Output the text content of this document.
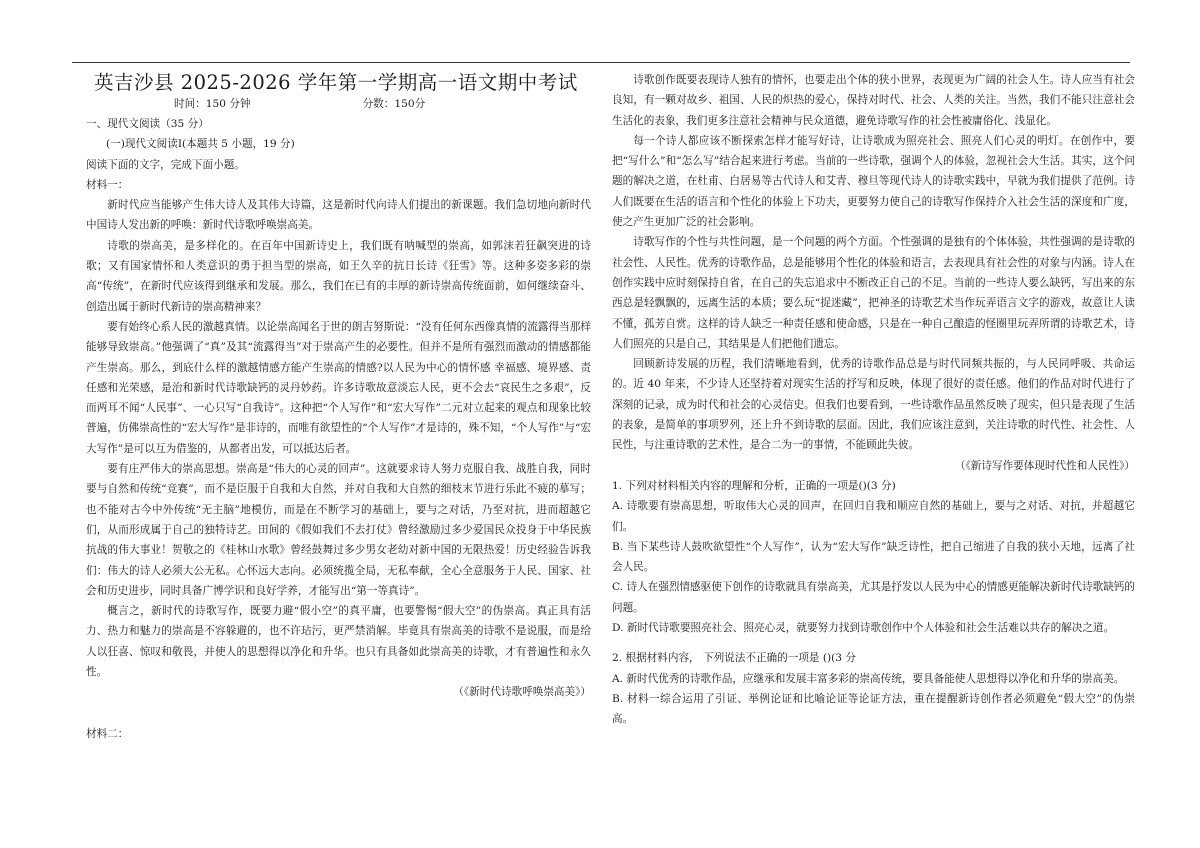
英吉沙县 2025-2026 学年第一学期高一语文期中考试
时间：150 分钟	分数：150分
一、现代文阅读（35 分）
(一)现代文阅读Ⅰ(本题共 5 小题，19 分)
阅读下面的文字，完成下面小题。
材料一：

新时代应当能够产生伟大诗人及其伟大诗篇，这是新时代向诗人们提出的新课题。我们急切地向新时代中国诗人发出新的呼唤：新时代诗歌呼唤崇高美。

诗歌的崇高美，是多样化的。在百年中国新诗史上，我们既有呐喊型的崇高，如郭沫若狂飙突进的诗歌；又有国家情怀和人类意识的勇于担当型的崇高，如王久辛的抗日长诗《狂雪》等。这种多姿多彩的崇高“传统”，在新时代应该得到继承和发展。那么，我们在已有的丰厚的新诗崇高传统面前，如何继续奋斗、创造出属于新时代新诗的崇高精神来？

要有始终心系人民的激越真情。以论崇高闻名于世的朗吉努斯说：“没有任何东西像真情的流露得当那样能够导致崇高。”他强调了“真”及其“流露得当”对于崇高产生的必要性。但并不是所有强烈而激动的情感都能产生崇高。那么，到底什么样的激越情感方能产生崇高的情感?以人民为中心的情怀感 幸福感、境界感、责任感和光荣感，是治和新时代诗歌缺钙的灵丹妙药。许多诗歌故意淡忘人民，更不会去“哀民生之多艰”，反而两耳不闻“人民事”、一心只写“自我诗”。这种把“个人写作”和“宏大写作”二元对立起来的观点和现象比较普遍，仿佛崇高性的“宏大写作”是非诗的，而唯有欲望性的“个人写作”才是诗的，殊不知，“个人写作”与“宏大写作”是可以互为借鉴的，从都者出发，可以抵达后者。

要有庄严伟大的崇高思想。崇高是“伟大的心灵的回声”。这就要求诗人努力克服自我、战胜自我，同时要与自然和传统“竞赛”，而不是臣服于自我和大自然，并对自我和大自然的细枝末节进行乐此不疲的摹写；也不能对古今中外传统“无主脑”地模仿，而是在不断学习的基础上，要与之对话，乃至对抗，进而超越它们，从而形成属于自己的独特诗艺。田间的《假如我们不去打仗》曾经激励过多少爱国民众投身于中华民族抗战的伟大事业！贺敬之的《桂林山水歌》曾经鼓舞过多少男女老幼对新中国的无限热爱！历史经验告诉我们：伟大的诗人必须大公无私。心怀远大志向。必须统揽全局，无私奉献，全心全意服务于人民、国家、社会和历史进步，同时具备广博学识和良好学养，才能写出“第一等真诗”。

概言之，新时代的诗歌写作，既要力避“假小空”的真平庸，也要警惕“假大空”的伪崇高。真正具有活力、热力和魅力的崇高是不容躲避的，也不许玷污，更严禁消解。毕竟具有崇高美的诗歌不是说服，而是给人以狂喜、惊叹和敬畏，并使人的思想得以净化和升华。也只有具备如此崇高美的诗歌，才有普遍性和永久性。

（《新时代诗歌呼唤崇高美》）

材料二：

诗歌创作既要表现诗人独有的情怀，也要走出个体的狭小世界，表现更为广阔的社会人生。诗人应当有社会良知，有一颗对故乡、祖国、人民的炽热的爱心，保持对时代、社会、人类的关注。当然，我们不能只注意社会生活化的表象，我们更多注意社会精神与民众道德，避免诗歌写作的社会性被庸俗化、浅显化。

每一个诗人都应该不断探索怎样才能写好诗，让诗歌成为照亮社会、照亮人们心灵的明灯。在创作中，要把“写什么”和“怎么写”结合起来进行考虑。当前的一些诗歌，强调个人的体验，忽视社会大生活。其实，这个问题的解决之道，在杜甫、白居易等古代诗人和艾青、穆旦等现代诗人的诗歌实践中，早就为我们提供了范例。诗人们既要在生活的语言和个性化的体验上下功夫，更要努力使自己的诗歌写作保持介入社会生活的深度和广度，使之产生更加广泛的社会影响。

诗歌写作的个性与共性问题，是一个问题的两个方面。个性强调的是独有的个体体验，共性强调的是诗歌的社会性、人民性。优秀的诗歌作品，总是能够用个性化的体验和语言，去表现具有社会性的对象与内涵。诗人在创作实践中应时刻保持自省，在自己的失忘追求中不断改正自己的不足。当前的一些诗人要么缺钙，写出来的东西总是轻飘飘的，远离生活的本质；要么玩“捉迷藏”，把神圣的诗歌艺术当作玩弄语言文字的游戏，故意让人读不懂，孤芳自赏。这样的诗人缺乏一种责任感和使命感，只是在一种自己酿造的怪圈里玩弄所谓的诗歌艺术，诗人们照亮的只是自己，其结果是人们把他们遗忘。

回顾新诗发展的历程，我们清晰地看到，优秀的诗歌作品总是与时代同频共振的，与人民同呼吸、共命运的。近 40 年来，不少诗人还坚持着对现实生活的抒写和反映，体现了很好的责任感。他们的作品对时代进行了深刻的记录，成为时代和社会的心灵信史。但我们也要看到，一些诗歌作品虽然反映了现实，但只是表现了生活的表象，是简单的事项罗列，还上升不到诗歌的层面。因此，我们应该注意到，关注诗歌的时代性、社会性、人民性，与注重诗歌的艺术性，是合二为一的事情，不能顾此失彼。

（《新诗写作要体现时代性和人民性》）

1. 下列对材料相关内容的理解和分析，正确的一项是()(3 分)

A. 诗歌要有崇高思想，听取伟大心灵的回声，在回归自我和顺应自然的基础上，要与之对话、对抗，并超越它们。

B. 当下某些诗人鼓吹欲望性“个人写作”，认为“宏大写作”缺乏诗性，把自己缩进了自我的狭小天地，远离了社会人民。

C. 诗人在强烈情感驱使下创作的诗歌就具有崇高美，尤其是抒发以人民为中心的情感更能解决新时代诗歌缺钙的问题。

D. 新时代诗歌要照亮社会、照亮心灵，就要努力找到诗歌创作中个人体验和社会生活难以共存的解决之道。

2. 根据材料内容， 下列说法不正确的一项是 ()(3 分

A. 新时代优秀的诗歌作品，应继承和发展丰富多彩的崇高传统，要具备能使人思想得以净化和升华的崇高美。

B. 材料一综合运用了引证、举例论证和比喻论证等论证方法，重在提醒新诗创作者必须避免“假大空”的伪崇高。
